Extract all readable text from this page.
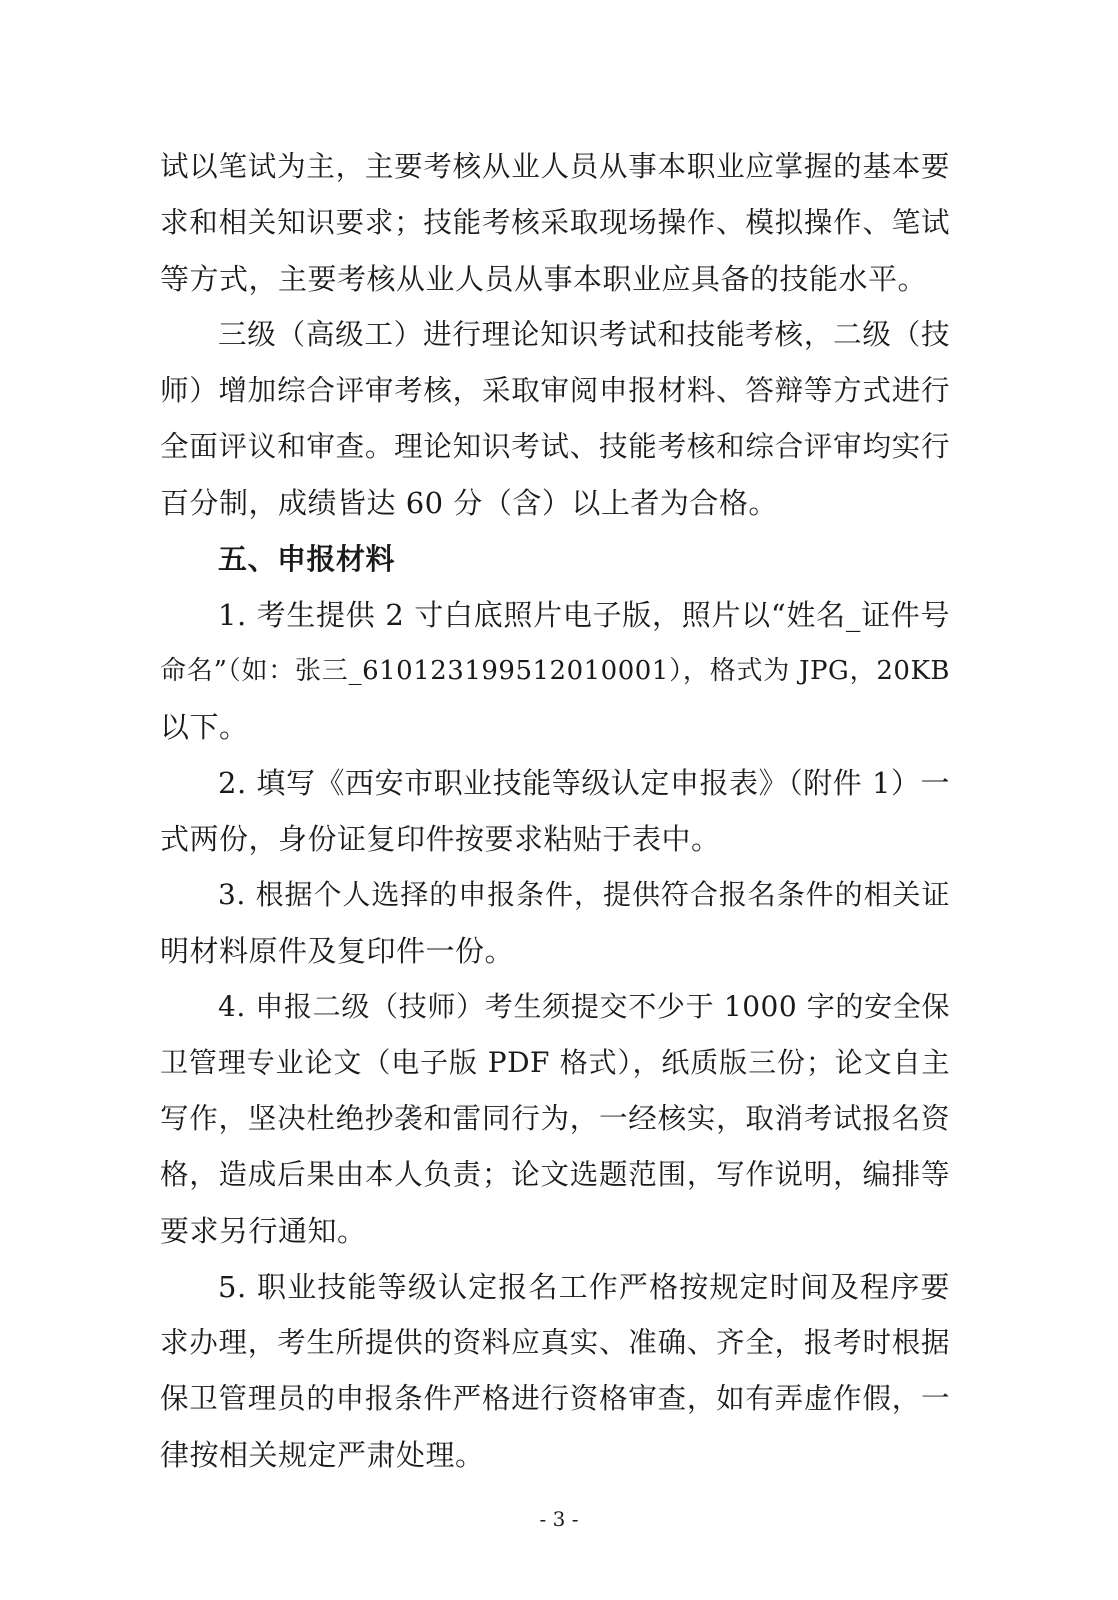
试以笔试为主，主要考核从业人员从事本职业应掌握的基本要
求和相关知识要求；技能考核采取现场操作、模拟操作、笔试
等方式，主要考核从业人员从事本职业应具备的技能水平。
三级（高级工）进行理论知识考试和技能考核，二级（技
师）增加综合评审考核，采取审阅申报材料、答辩等方式进行
全面评议和审查。理论知识考试、技能考核和综合评审均实行
百分制，成绩皆达 60 分（含）以上者为合格。
五、申报材料
1. 考生提供 2 寸白底照片电子版，照片以“姓名_证件号
命名”（如：张三_610123199512010001），格式为 JPG，20KB
以下。
2. 填写《西安市职业技能等级认定申报表》（附件 1）一
式两份，身份证复印件按要求粘贴于表中。
3. 根据个人选择的申报条件，提供符合报名条件的相关证
明材料原件及复印件一份。
4. 申报二级（技师）考生须提交不少于 1000 字的安全保
卫管理专业论文（电子版 PDF 格式），纸质版三份；论文自主
写作，坚决杜绝抄袭和雷同行为，一经核实，取消考试报名资
格，造成后果由本人负责；论文选题范围，写作说明，编排等
要求另行通知。
5. 职业技能等级认定报名工作严格按规定时间及程序要
求办理，考生所提供的资料应真实、准确、齐全，报考时根据
保卫管理员的申报条件严格进行资格审查，如有弄虚作假，一
律按相关规定严肃处理。
- 3 -
